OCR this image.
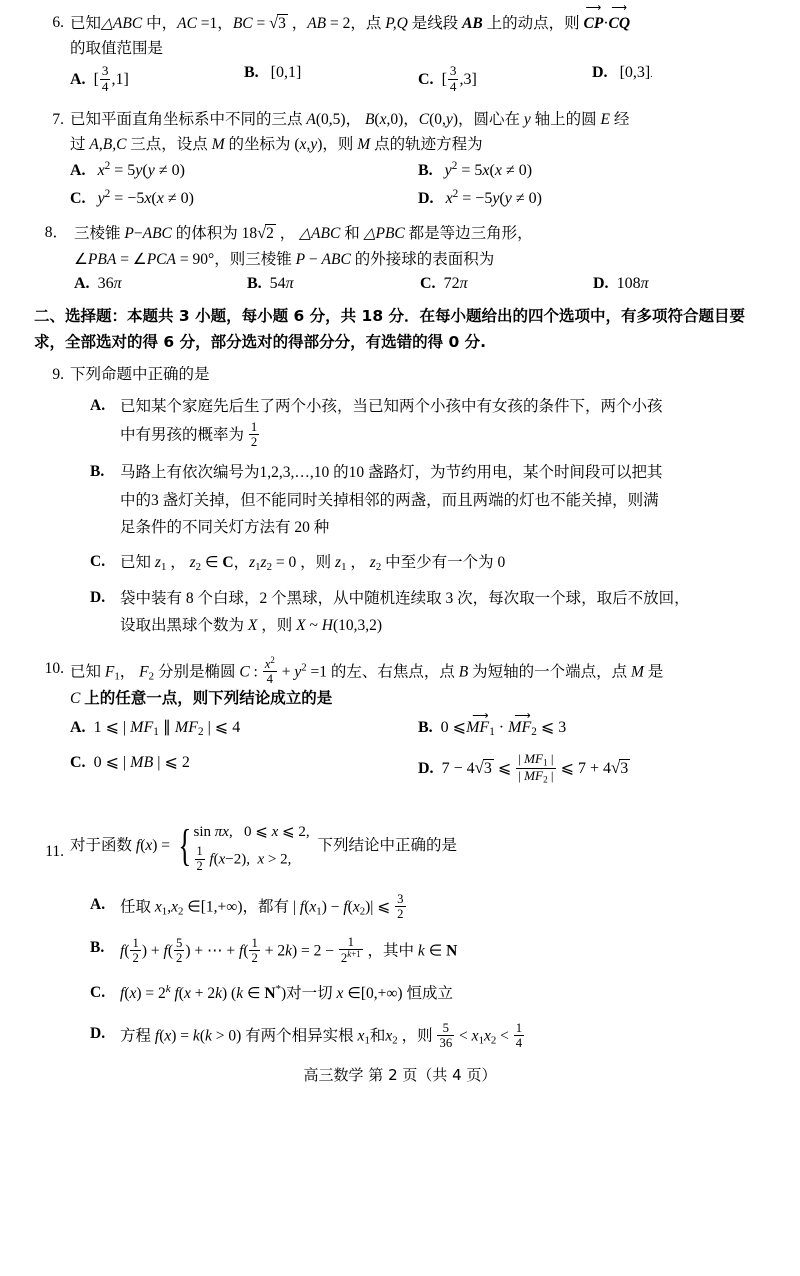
6. 已知△ABC 中，AC =1，BC = √3 ，AB = 2，点 P,Q 是线段 AB 上的动点，则
⟶
CP·
⟶
CQ
的取值范围是
A.  [ $\frac{3}{4} ,1$]	B.   [0,1]	C.  [ $\frac{3}{4} ,3$]	D.   [0,3].
7. 已知平面直角坐标系中不同的三点 A(0,5)， B(x,0)，C(0,y)，圆心在 y 轴上的圆 E 经
过 A,B,C 三点，设点 M 的坐标为 (x,y)，则 M 点的轨迹方程为
A. $x^2 = 5y(y \ne 0)$	B. $y^2 = 5x(x \ne 0)$
C. $y^2 = -5x(x \ne 0)$	D. $x^2 = -5y(y \ne 0)$
8． 三棱锥 P−ABC 的体积为 18√2 ， △ABC 和 △PBC 都是等边三角形，
∠PBA = ∠PCA = 90°，则三棱锥 P − ABC 的外接球的表面积为
A.  36π	B.  54π	C.  72π	D.  108π
二、选择题：本题共 3 小题，每小题 6 分，共 18 分．在每小题给出的四个选项中，有多项符合题目要求，全部选对的得 6 分，部分选对的得部分分，有选错的得 0 分.
9. 下列命题中正确的是
A. 已知某个家庭先后生了两个小孩，当已知两个小孩中有女孩的条件下，两个小孩
中有男孩的概率为 $\frac{1}{2}$
B.	马路上有依次编号为1,2,3,…,10 的10 盏路灯，为节约用电，某个时间段可以把其
中的3 盏灯关掉，但不能同时关掉相邻的两盏，而且两端的灯也不能关掉，则满
足条件的不同关灯方法有 20 种
C. 已知 z1 ， z2 ∈ C，z1z2 = 0 ，则 z1 ， z2 中至少有一个为 0
D. 袋中装有 8 个白球，2 个黑球，从中随机连续取 3 次，每次取一个球，取后不放回，
设取出黑球个数为 X ，则 X ~ H(10,3,2)
10. 已知 F1， F2 分别是椭圆 C : $\frac{x^2}{4} + y^2 =1$ 的左、右焦点，点 B 为短轴的一个端点，点 M 是
C 上的任意一点，则下列结论成立的是
A.  1 ⩽ | MF1 ∥ MF2 | ⩽ 4	B.  0 ⩽
⟶
MF1 ·
⟶
MF2 ⩽ 3
C.  0 ⩽ | MB | ⩽ 2	D.  7 − 4√3 ⩽ $\frac{| MF1 |}{| MF2 |}$ ⩽ 7 + 4√3
11. 对于函数 f(x) = { sin πx,   0 ⩽ x ⩽ 2,
$\frac{1}{2} f(x-2)$,  x > 2,
下列结论中正确的是
A. 任取 x1,x2 ∈[1,+∞)，都有 | f(x1) − f(x2)| ⩽ $\frac{3}{2}$
B.	$f( \frac{1}{2}$ ) + $f( \frac{5}{2}$ ) + ⋯ + $f( \frac{1}{2} + 2k) = 2 - \frac{1}{2^{k+1}}$ ，其中 k ∈ N
C. $f(x) = 2^k$ f(x + 2k) (k ∈ N*)对一切 x ∈[0,+∞) 恒成立
D. 方程 f(x) = k(k > 0) 有两个相异实根 x1和x2 ，则 $\frac{5}{36} < x1x2 < \frac{1}{4}$
高三数学 第 2 页（共 4 页）
